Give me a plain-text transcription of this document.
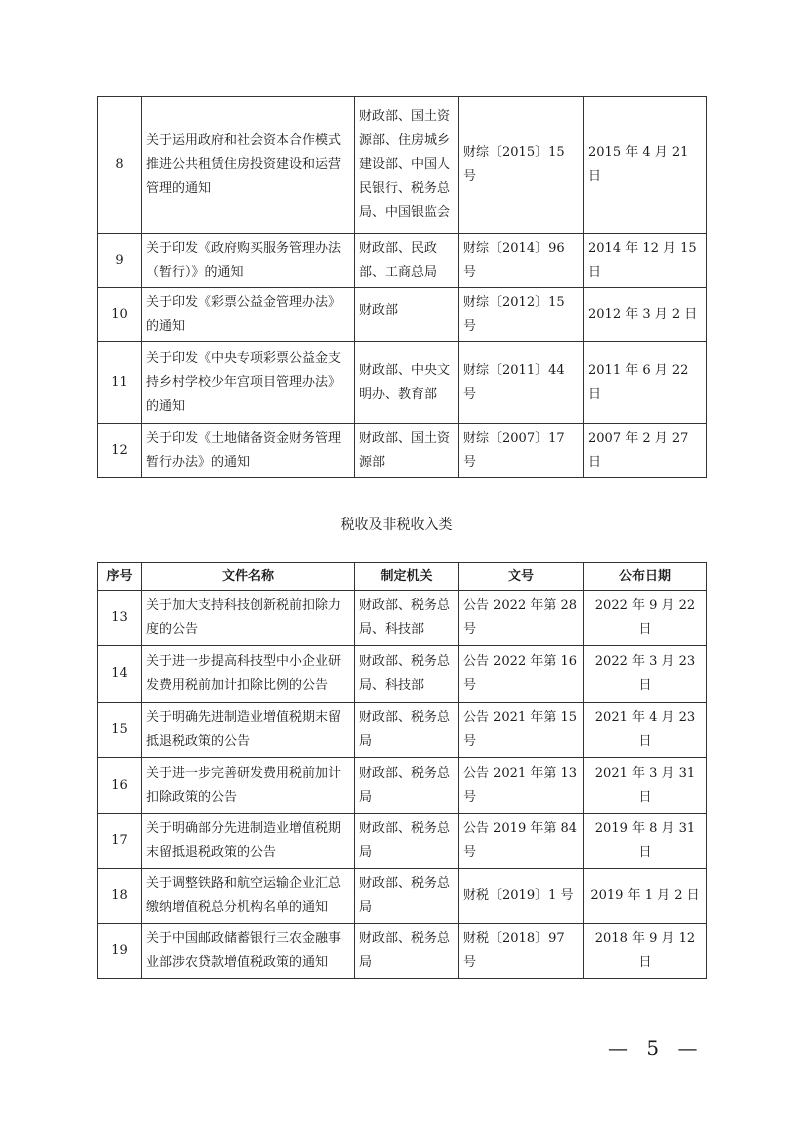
8	关于运用政府和社会资本合作模式推进公共租赁住房投资建设和运营管理的通知	财政部、国土资源部、住房城乡建设部、中国人民银行、税务总局、中国银监会	财综〔2015〕15 号	2015 年 4 月 21 日
9	关于印发《政府购买服务管理办法（暂行）》的通知	财政部、民政部、工商总局	财综〔2014〕96 号	2014 年 12 月 15 日
10	关于印发《彩票公益金管理办法》的通知	财政部	财综〔2012〕15 号	2012 年 3 月 2 日
11	关于印发《中央专项彩票公益金支持乡村学校少年宫项目管理办法》的通知	财政部、中央文明办、教育部	财综〔2011〕44 号	2011 年 6 月 22 日
12	关于印发《土地储备资金财务管理暂行办法》的通知	财政部、国土资源部	财综〔2007〕17 号	2007 年 2 月 27 日
税收及非税收入类
序号	文件名称	制定机关	文号	公布日期
13	关于加大支持科技创新税前扣除力度的公告	财政部、税务总局、科技部	公告 2022 年第 28 号	2022 年 9 月 22 日
14	关于进一步提高科技型中小企业研发费用税前加计扣除比例的公告	财政部、税务总局、科技部	公告 2022 年第 16 号	2022 年 3 月 23 日
15	关于明确先进制造业增值税期末留抵退税政策的公告	财政部、税务总局	公告 2021 年第 15 号	2021 年 4 月 23 日
16	关于进一步完善研发费用税前加计扣除政策的公告	财政部、税务总局	公告 2021 年第 13 号	2021 年 3 月 31 日
17	关于明确部分先进制造业增值税期末留抵退税政策的公告	财政部、税务总局	公告 2019 年第 84 号	2019 年 8 月 31 日
18	关于调整铁路和航空运输企业汇总缴纳增值税总分机构名单的通知	财政部、税务总局	财税〔2019〕1 号	2019 年 1 月 2 日
19	关于中国邮政储蓄银行三农金融事业部涉农贷款增值税政策的通知	财政部、税务总局	财税〔2018〕97 号	2018 年 9 月 12 日
— 5 —
